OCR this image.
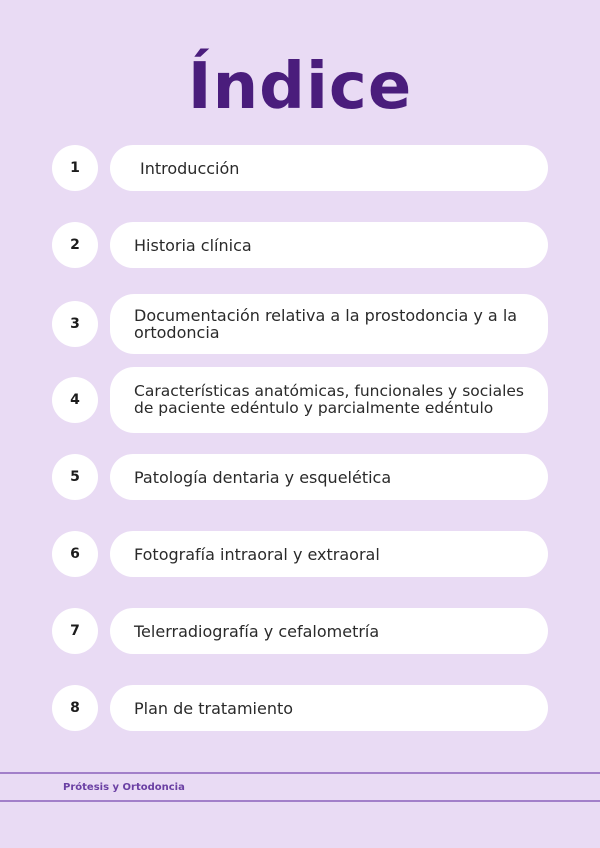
Índice
1	Introducción
2	Historia clínica
3	Documentación relativa a la prostodoncia y a la ortodoncia
4	Características anatómicas, funcionales y sociales de paciente edéntulo y parcialmente edéntulo
5	Patología dentaria y esquelética
6	Fotografía intraoral y extraoral
7	Telerradiografía y cefalometría
8	Plan de tratamiento
Prótesis y Ortodoncia
